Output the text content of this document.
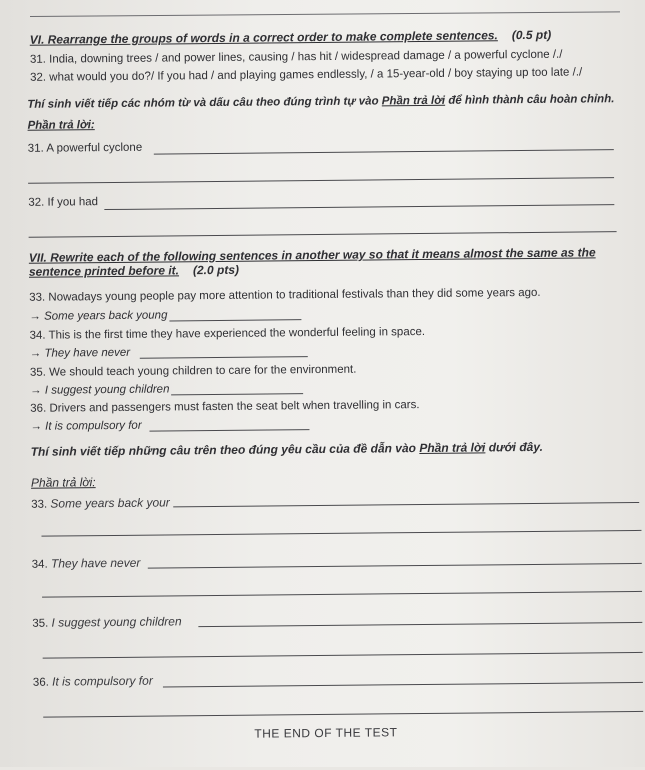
VI. Rearrange the groups of words in a correct order to make complete sentences. (0.5 pt)
31. India, downing trees / and power lines, causing / has hit / widespread damage / a powerful cyclone /./
32. what would you do?/ If you had / and playing games endlessly, / a 15-year-old / boy staying up too late /./
Thí sinh viết tiếp các nhóm từ và dấu câu theo đúng trình tự vào Phần trả lời để hình thành câu hoàn chỉnh.
Phần trả lời:
31. A powerful cyclone
32. If you had
VII. Rewrite each of the following sentences in another way so that it means almost the same as the
sentence printed before it. (2.0 pts)
33. Nowadays young people pay more attention to traditional festivals than they did some years ago.
→ Some years back young
34. This is the first time they have experienced the wonderful feeling in space.
→ They have never
35. We should teach young children to care for the environment.
→ I suggest young children
36. Drivers and passengers must fasten the seat belt when travelling in cars.
→ It is compulsory for
Thí sinh viết tiếp những câu trên theo đúng yêu cầu của đề dẫn vào Phần trả lời dưới đây.
Phần trả lời:
33. Some years back your
34. They have never
35. I suggest young children
36. It is compulsory for
THE END OF THE TEST
